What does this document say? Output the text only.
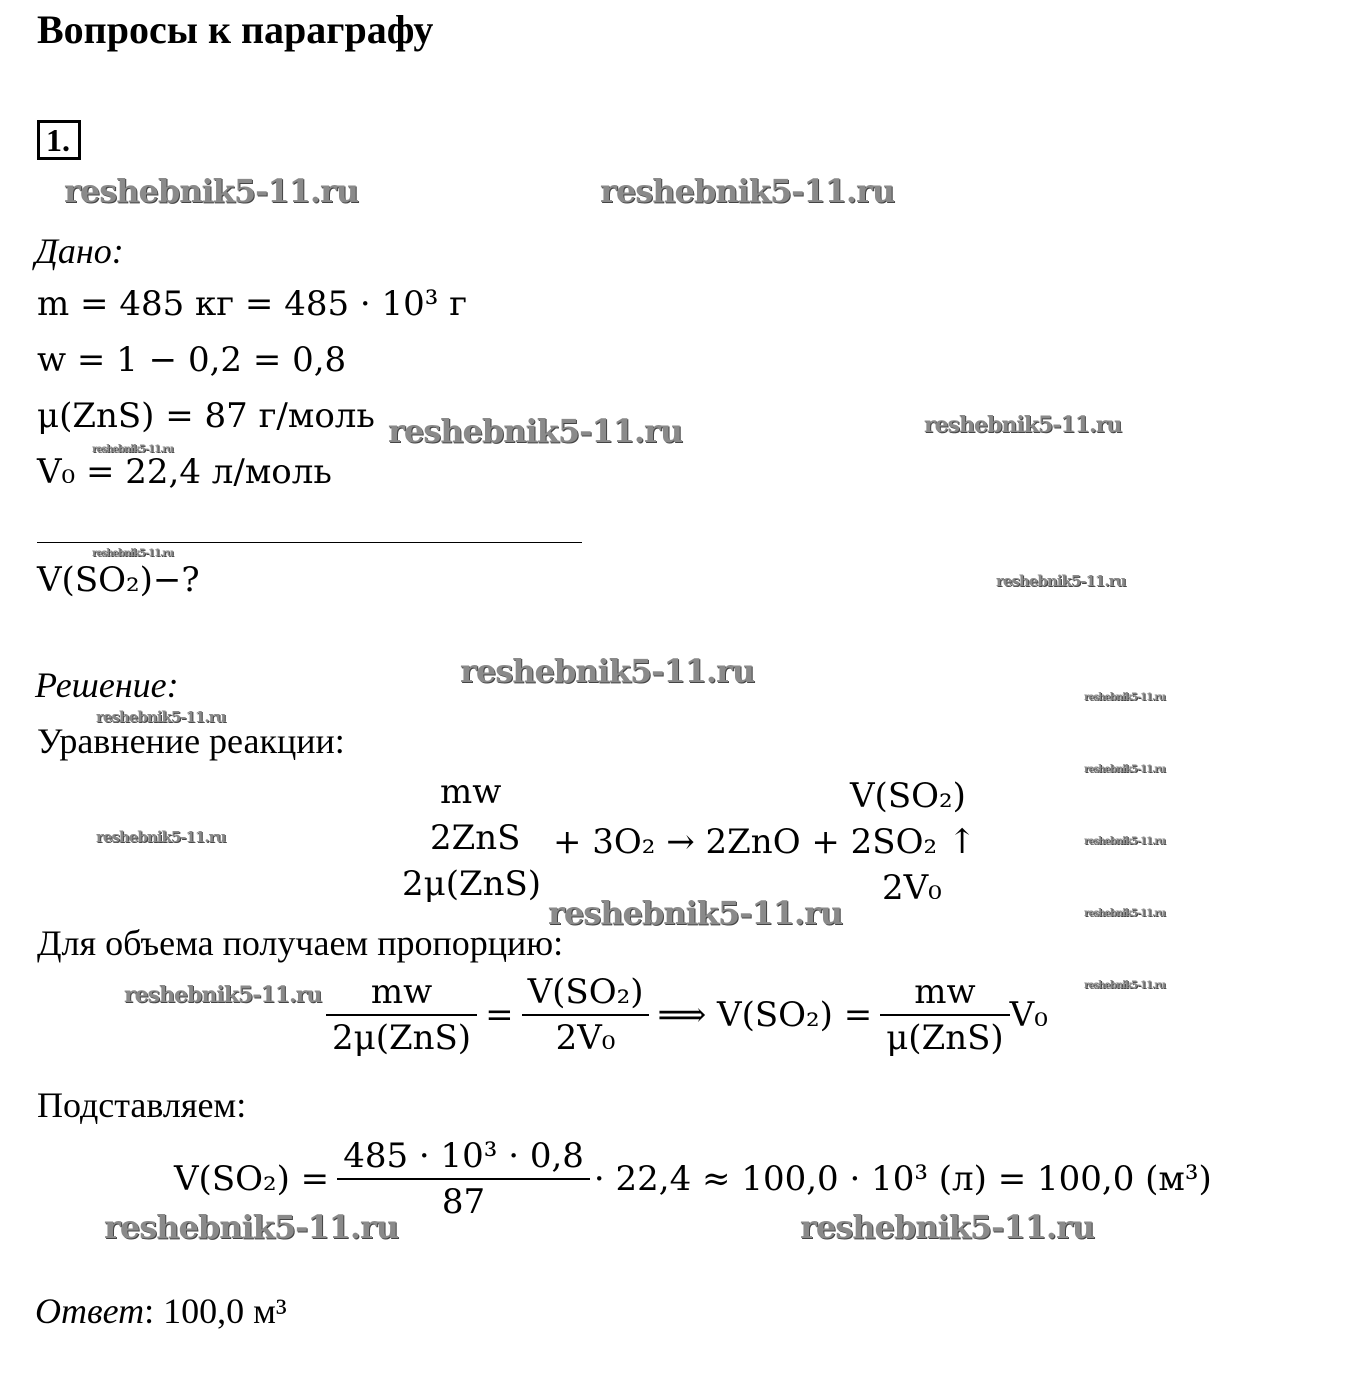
Вопросы к параграфу
1.
reshebnik5-11.ru	reshebnik5-11.ru
reshebnik5-11.ru	reshebnik5-11.ru
reshebnik5-11.ru
reshebnik5-11.ru
reshebnik5-11.ru
reshebnik5-11.ru
reshebnik5-11.ru
reshebnik5-11.ru
reshebnik5-11.ru
reshebnik5-11.ru	reshebnik5-11.ru
reshebnik5-11.ru	reshebnik5-11.ru
reshebnik5-11.ru
reshebnik5-11.ru
reshebnik5-11.ru	reshebnik5-11.ru
Дано:
m = 485 кг = 485 · 10³ г
w = 1 − 0,2 = 0,8
μ(ZnS) = 87 г/моль
V₀ = 22,4 л/моль
V(SO₂)−?
Решение:
Уравнение реакции:
mw
2ZnS
2μ(ZnS)
+ 3O₂ → 2ZnO + 2SO₂ ↑
V(SO₂)
2V₀
Для объема получаем пропорцию:
$\frac{mw}{\text{2μ(ZnS)}} = \frac{\text{V(SO₂)}}{\text{2V₀}}$ ⟹ $V(SO_2) = \frac{mw}{\text{μ(ZnS)}} V_0$
Подставляем:
$V(SO_2) = \frac{\text{485 · 10³ · 0,8}}{87} \cdot 22,4 \approx 100,0 \cdot 10^3$ (л) = 100,0 (м³)
Ответ: 100,0 м³
